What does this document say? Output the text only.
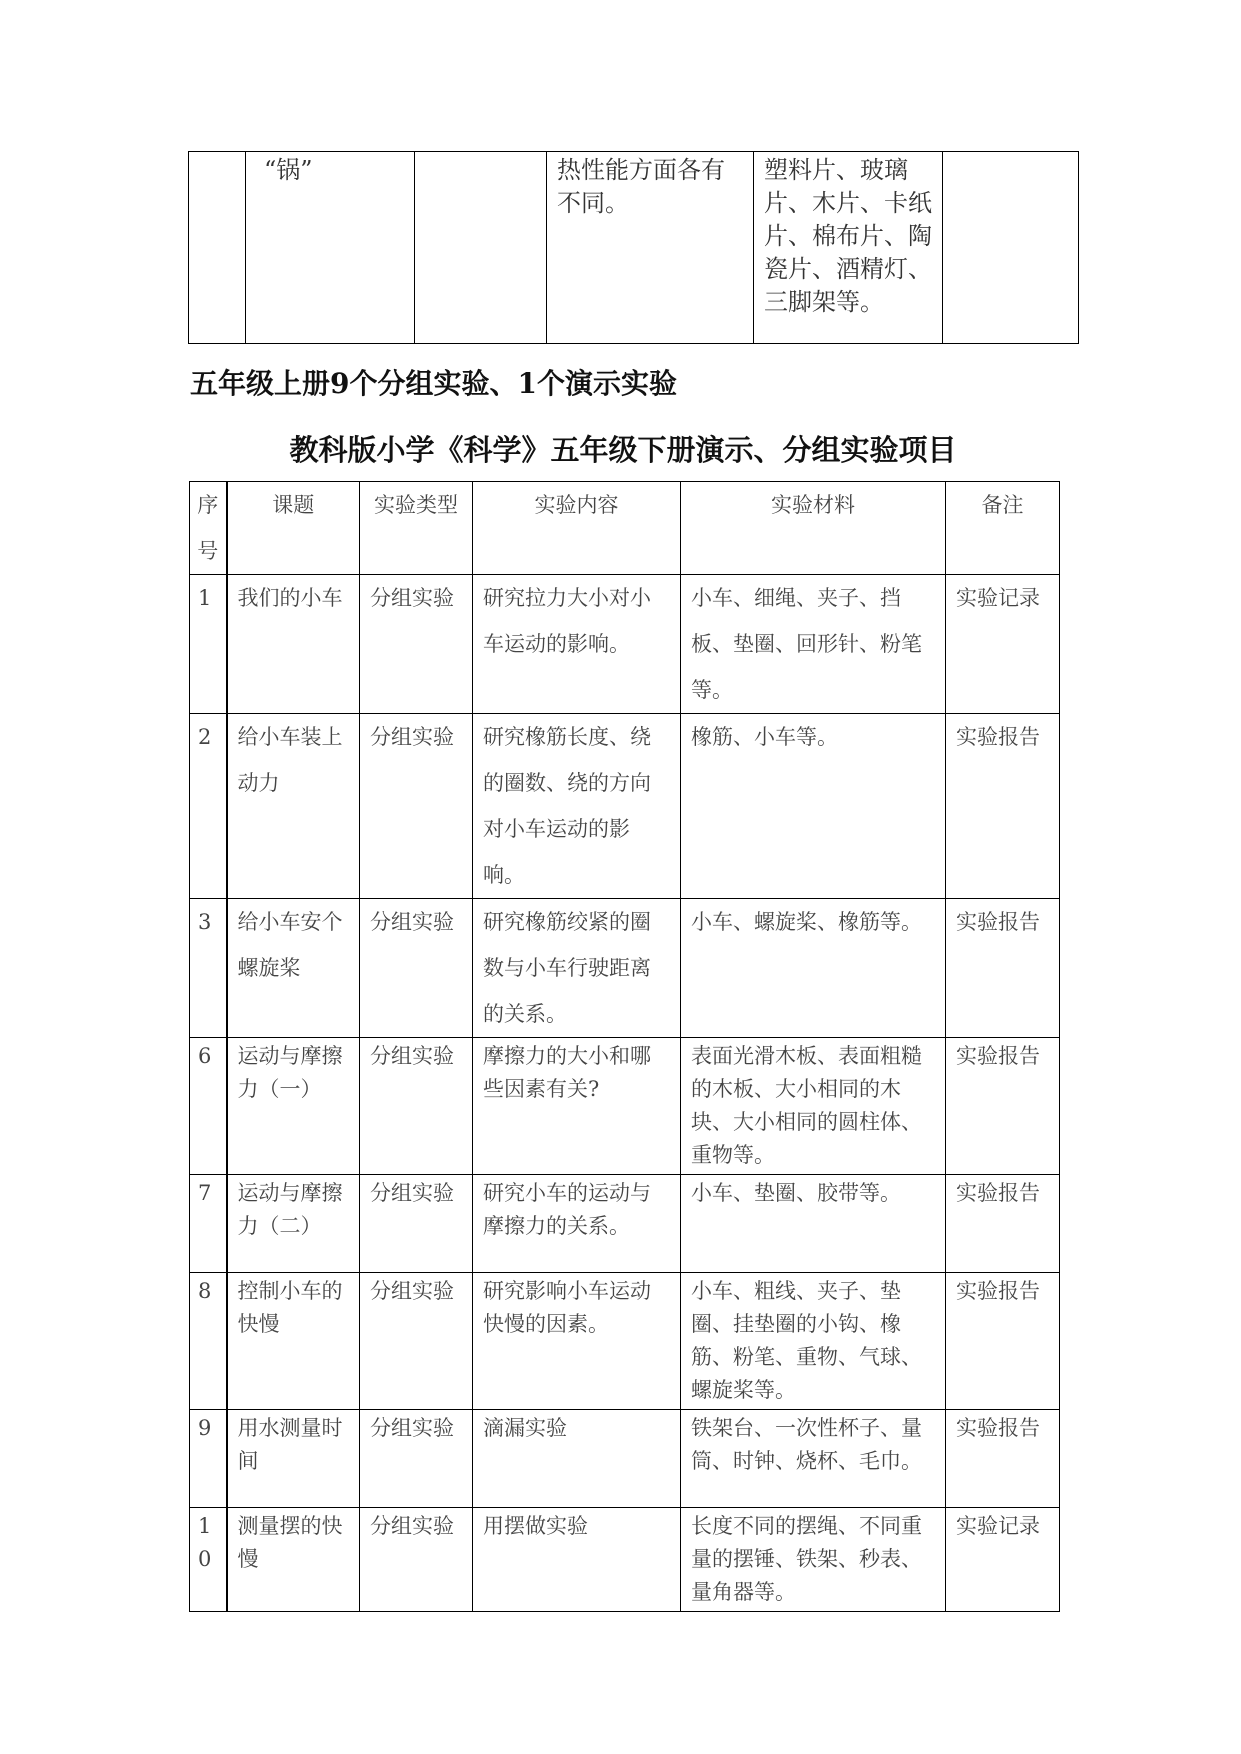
	“锅”		热性能方面各有不同。	塑料片、玻璃片、木片、卡纸片、棉布片、陶瓷片、酒精灯、三脚架等。	
五年级上册9个分组实验、1个演示实验
教科版小学《科学》五年级下册演示、分组实验项目
序号	课题	实验类型	实验内容	实验材料	备注
1	我们的小车	分组实验	研究拉力大小对小车运动的影响。	小车、细绳、夹子、挡板、垫圈、回形针、粉笔等。	实验记录
2	给小车装上动力	分组实验	研究橡筋长度、绕的圈数、绕的方向对小车运动的影响。	橡筋、小车等。	实验报告
3	给小车安个螺旋桨	分组实验	研究橡筋绞紧的圈数与小车行驶距离的关系。	小车、螺旋桨、橡筋等。	实验报告
6	运动与摩擦力（一）	分组实验	摩擦力的大小和哪些因素有关?	表面光滑木板、表面粗糙的木板、大小相同的木块、大小相同的圆柱体、重物等。	实验报告
7	运动与摩擦力（二）	分组实验	研究小车的运动与摩擦力的关系。	小车、垫圈、胶带等。	实验报告
8	控制小车的快慢	分组实验	研究影响小车运动快慢的因素。	小车、粗线、夹子、垫圈、挂垫圈的小钩、橡筋、粉笔、重物、气球、螺旋桨等。	实验报告
9	用水测量时间	分组实验	滴漏实验	铁架台、一次性杯子、量筒、时钟、烧杯、毛巾。	实验报告
10	测量摆的快慢	分组实验	用摆做实验	长度不同的摆绳、不同重量的摆锤、铁架、秒表、量角器等。	实验记录
